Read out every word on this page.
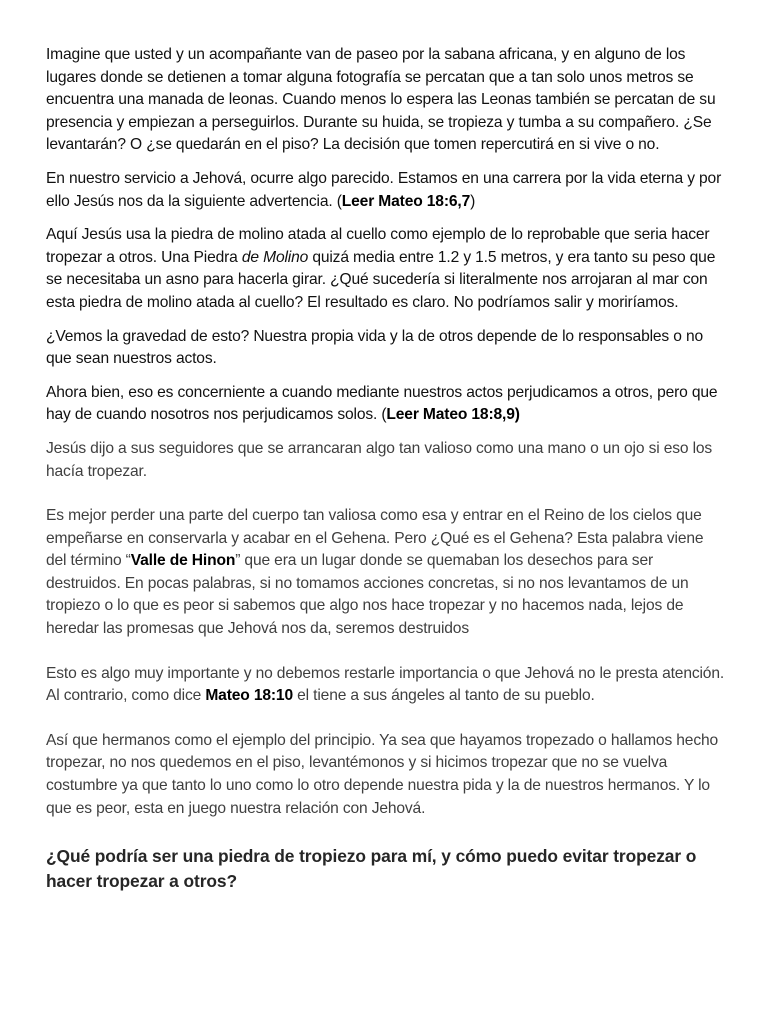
Imagine que usted y un acompañante van de paseo por la sabana africana, y en alguno de los lugares donde se detienen a tomar alguna fotografía se percatan que a tan solo unos metros se encuentra una manada de leonas. Cuando menos lo espera las Leonas también se percatan de su presencia y empiezan a perseguirlos. Durante su huida, se tropieza y tumba a su compañero. ¿Se levantarán? O ¿se quedarán en el piso? La decisión que tomen repercutirá en si vive o no.

En nuestro servicio a Jehová, ocurre algo parecido. Estamos en una carrera por la vida eterna y por ello Jesús nos da la siguiente advertencia. (Leer Mateo 18:6,7)

Aquí Jesús usa la piedra de molino atada al cuello como ejemplo de lo reprobable que seria hacer tropezar a otros. Una Piedra de Molino quizá media entre 1.2 y 1.5 metros, y era tanto su peso que se necesitaba un asno para hacerla girar. ¿Qué sucedería si literalmente nos arrojaran al mar con esta piedra de molino atada al cuello? El resultado es claro. No podríamos salir y moriríamos.

¿Vemos la gravedad de esto? Nuestra propia vida y la de otros depende de lo responsables o no que sean nuestros actos.

Ahora bien, eso es concerniente a cuando mediante nuestros actos perjudicamos a otros, pero que hay de cuando nosotros nos perjudicamos solos. (Leer Mateo 18:8,9)

Jesús dijo a sus seguidores que se arrancaran algo tan valioso como una mano o un ojo si eso los hacía tropezar.

Es mejor perder una parte del cuerpo tan valiosa como esa y entrar en el Reino de los cielos que empeñarse en conservarla y acabar en el Gehena. Pero ¿Qué es el Gehena? Esta palabra viene del término “Valle de Hinon” que era un lugar donde se quemaban los desechos para ser destruidos. En pocas palabras, si no tomamos acciones concretas, si no nos levantamos de un tropiezo o lo que es peor si sabemos que algo nos hace tropezar y no hacemos nada, lejos de heredar las promesas que Jehová nos da, seremos destruidos

Esto es algo muy importante y no debemos restarle importancia o que Jehová no le presta atención. Al contrario, como dice Mateo 18:10 el tiene a sus ángeles al tanto de su pueblo.

Así que hermanos como el ejemplo del principio. Ya sea que hayamos tropezado o hallamos hecho tropezar, no nos quedemos en el piso, levantémonos y si hicimos tropezar que no se vuelva costumbre ya que tanto lo uno como lo otro depende nuestra pida y la de nuestros hermanos. Y lo que es peor, esta en juego nuestra relación con Jehová.

¿Qué podría ser una piedra de tropiezo para mí, y cómo puedo evitar tropezar o hacer tropezar a otros?
